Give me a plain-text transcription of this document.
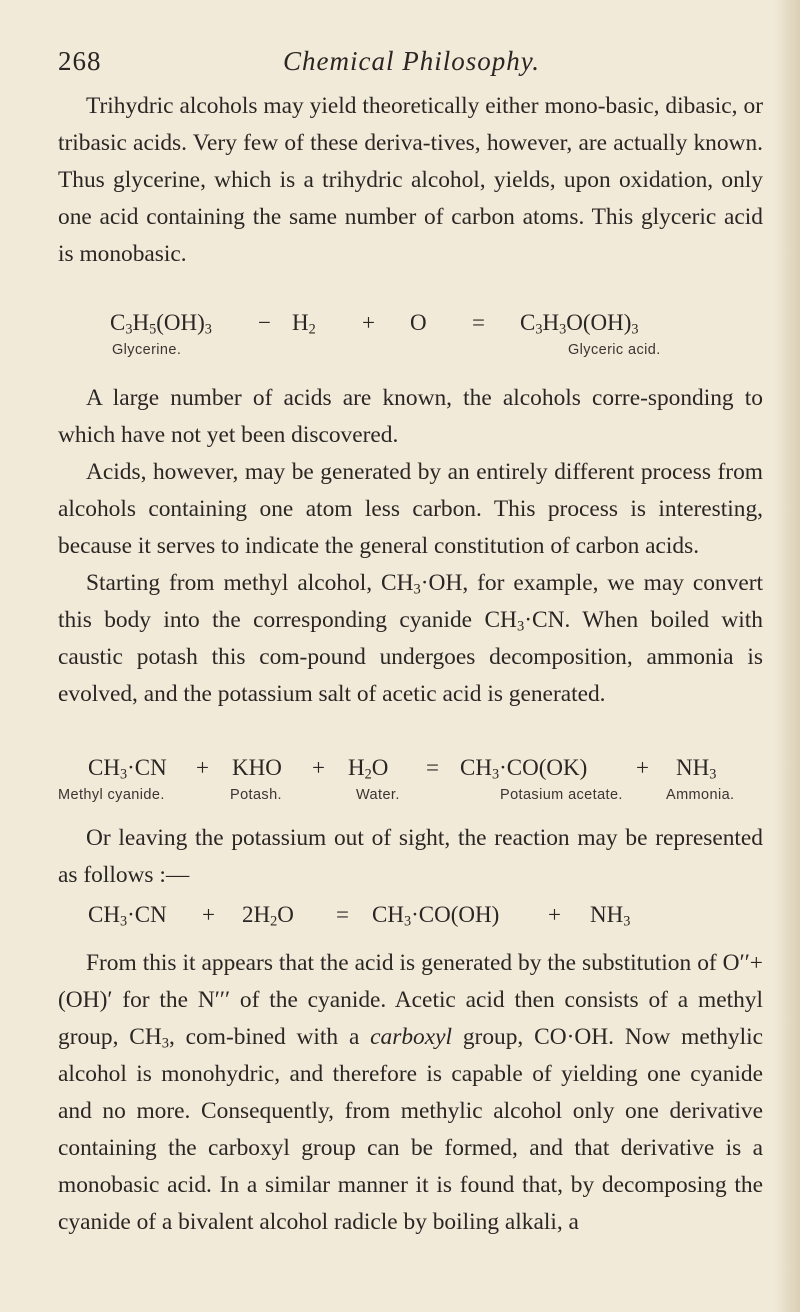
268	Chemical Philosophy.

Trihydric alcohols may yield theoretically either mono-basic, dibasic, or tribasic acids. Very few of these deriva-tives, however, are actually known. Thus glycerine, which is a trihydric alcohol, yields, upon oxidation, only one acid containing the same number of carbon atoms. This glyceric acid is monobasic.

$C_3H_5(OH)_3 - H_2 + O = C_3H_3O(OH)_3$
Glycerine.	Glyceric acid.

A large number of acids are known, the alcohols corre-sponding to which have not yet been discovered.

Acids, however, may be generated by an entirely different process from alcohols containing one atom less carbon. This process is interesting, because it serves to indicate the general constitution of carbon acids.

Starting from methyl alcohol, $CH_3\cdot OH$, for example, we may convert this body into the corresponding cyanide $CH_3\cdot CN$. When boiled with caustic potash this com-pound undergoes decomposition, ammonia is evolved, and the potassium salt of acetic acid is generated.

$CH_3\cdot CN$ + KHO + $H_2O = CH_3\cdot CO(OK) + NH_3$
Methyl cyanide.	Potash.	Water.	Potasium acetate.	Ammonia.

Or leaving the potassium out of sight, the reaction may be represented as follows :—

$CH_3\cdot CN + 2H_2O = CH_3\cdot CO(OH) + NH_3$

From this it appears that the acid is generated by the substitution of O′′+(OH)′ for the N′′′ of the cyanide. Acetic acid then consists of a methyl group, $CH_3$, com-bined with a carboxyl group, CO·OH. Now methylic alcohol is monohydric, and therefore is capable of yielding one cyanide and no more. Consequently, from methylic alcohol only one derivative containing the carboxyl group can be formed, and that derivative is a monobasic acid. In a similar manner it is found that, by decomposing the cyanide of a bivalent alcohol radicle by boiling alkali, a
